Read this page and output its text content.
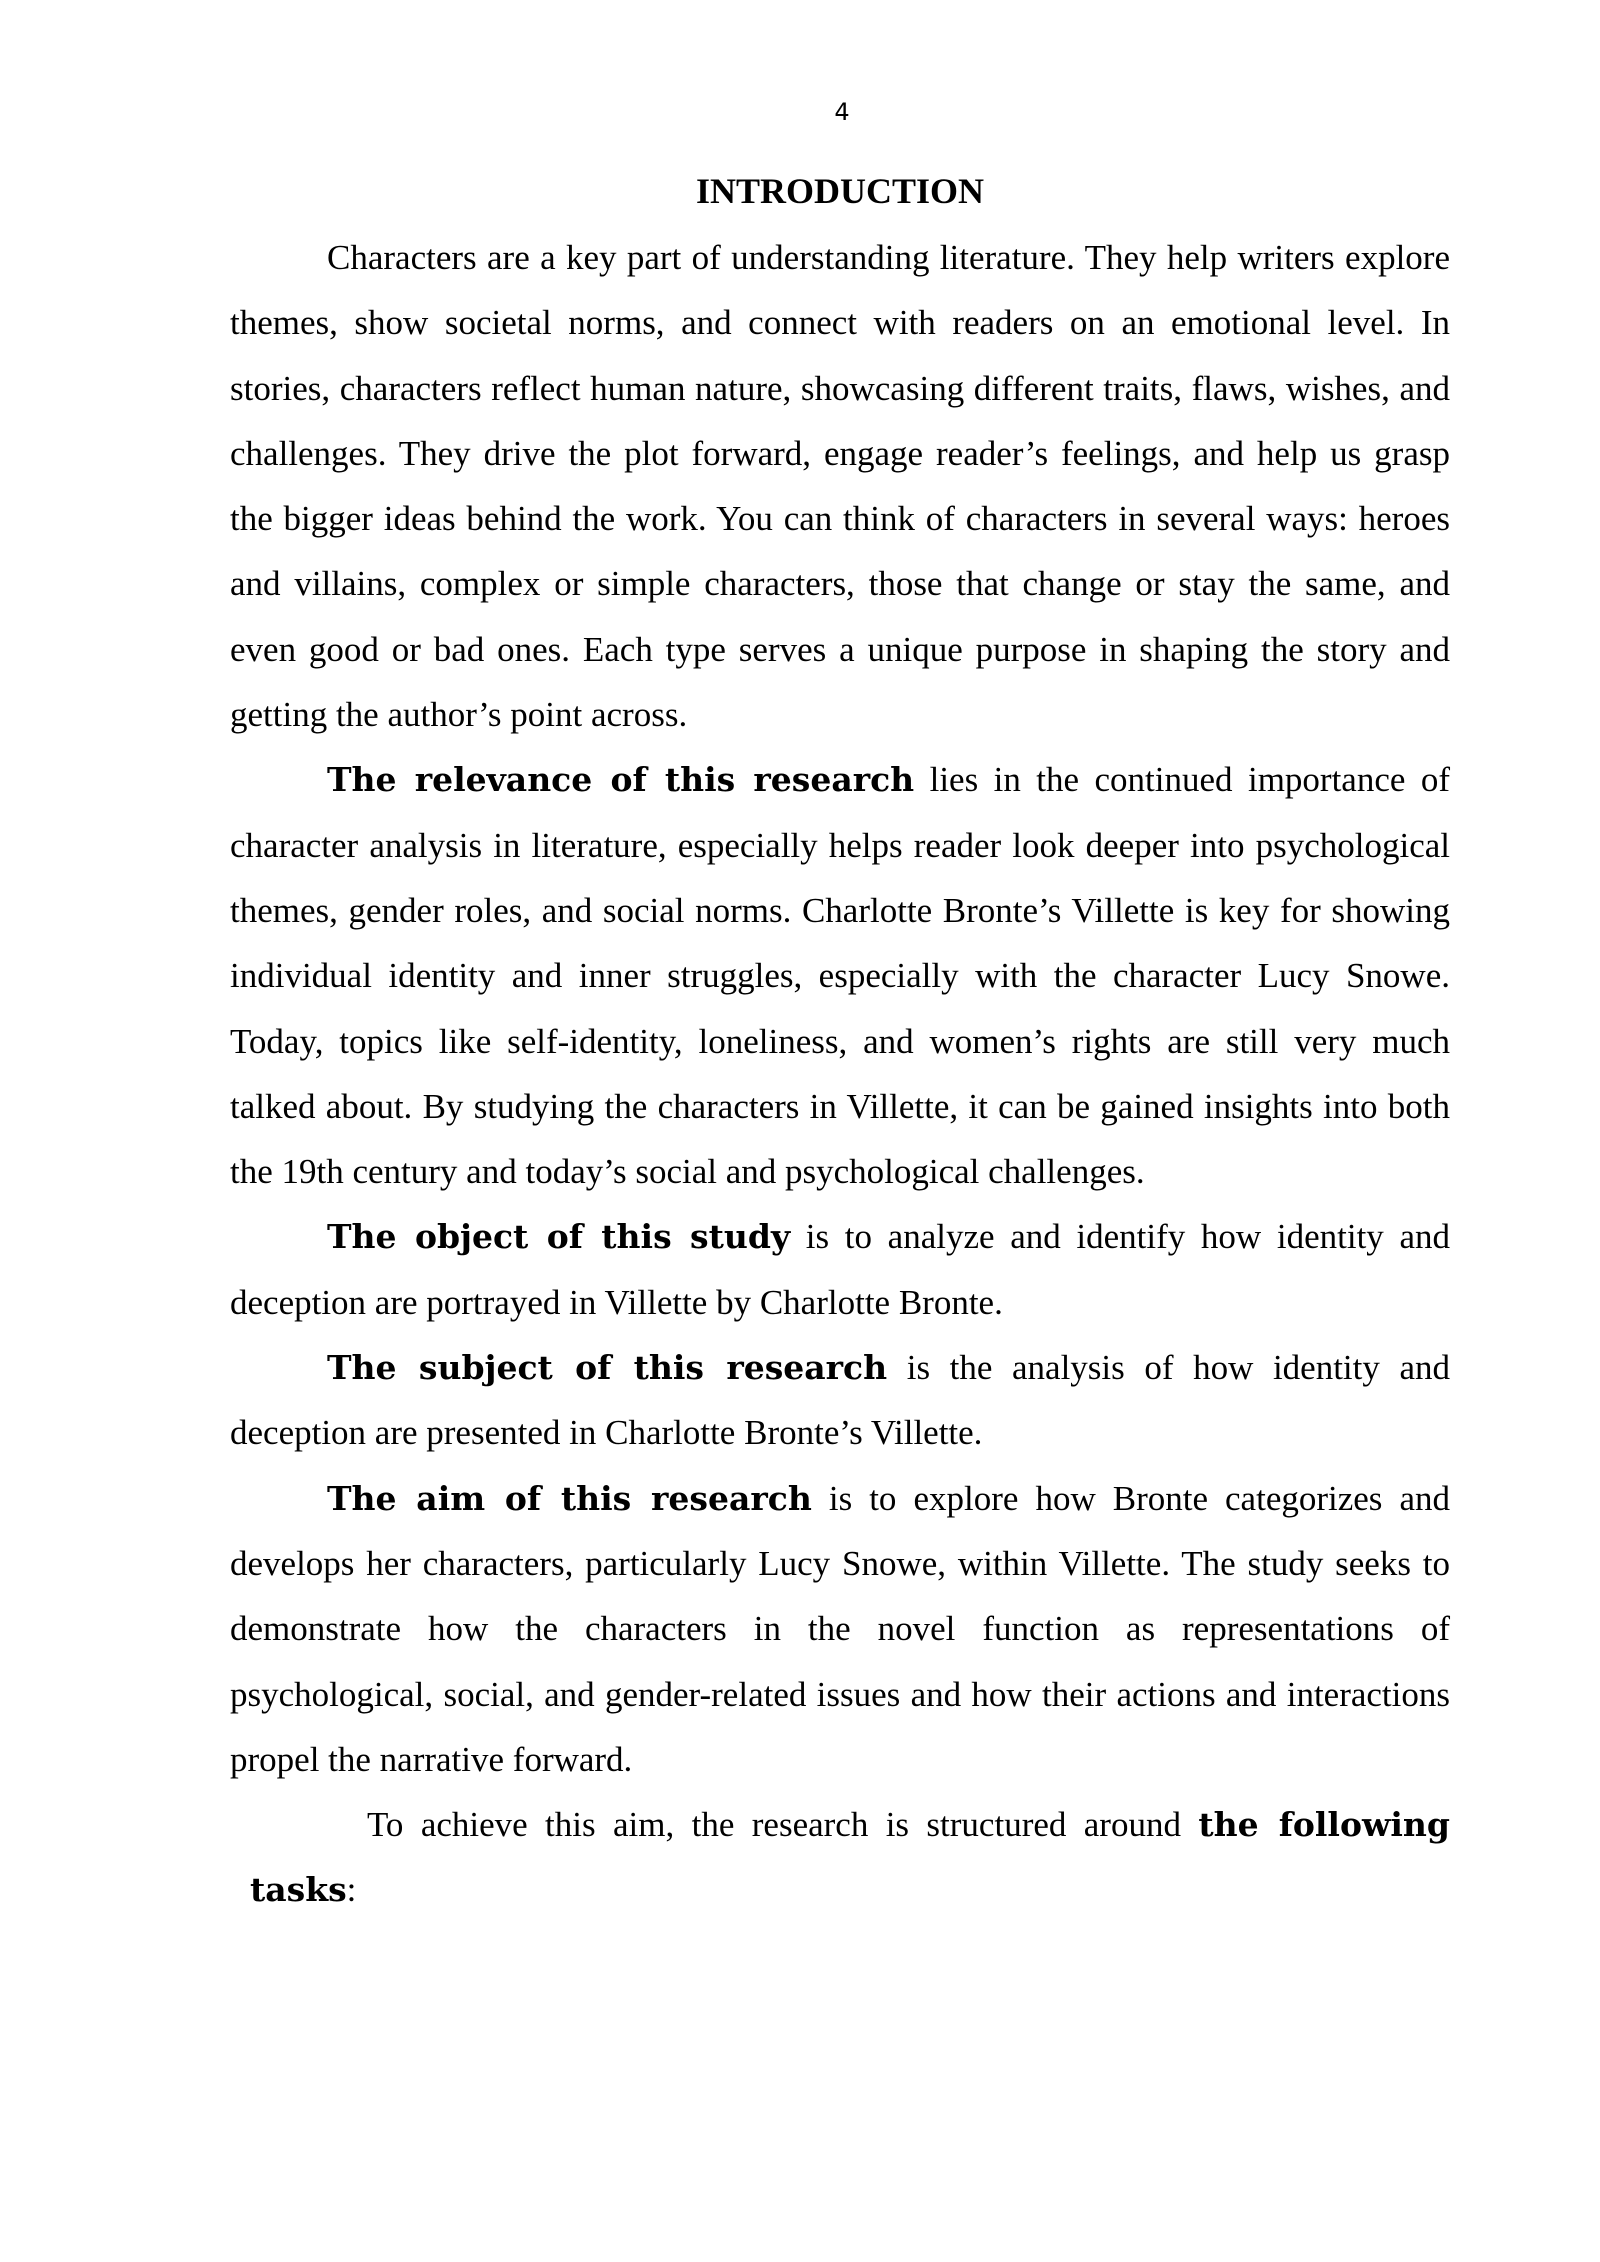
4
INTRODUCTION

Characters are a key part of understanding literature. They help writers explore themes, show societal norms, and connect with readers on an emotional level. In stories, characters reflect human nature, showcasing different traits, flaws, wishes, and challenges. They drive the plot forward, engage reader’s feelings, and help us grasp the bigger ideas behind the work. You can think of characters in several ways: heroes and villains, complex or simple characters, those that change or stay the same, and even good or bad ones. Each type serves a unique purpose in shaping the story and getting the author’s point across.

The relevance of this research lies in the continued importance of character analysis in literature, especially helps reader look deeper into psychological themes, gender roles, and social norms. Charlotte Bronte’s Villette is key for showing individual identity and inner struggles, especially with the character Lucy Snowe. Today, topics like self-identity, loneliness, and women’s rights are still very much talked about. By studying the characters in Villette, it can be gained insights into both the 19th century and today’s social and psychological challenges.

The object of this study is to analyze and identify how identity and deception are portrayed in Villette by Charlotte Bronte.

The subject of this research is the analysis of how identity and deception are presented in Charlotte Bronte’s Villette.

The aim of this research is to explore how Bronte categorizes and develops her characters, particularly Lucy Snowe, within Villette. The study seeks to demonstrate how the characters in the novel function as representations of psychological, social, and gender-related issues and how their actions and interactions propel the narrative forward.

To achieve this aim, the research is structured around the following tasks:
